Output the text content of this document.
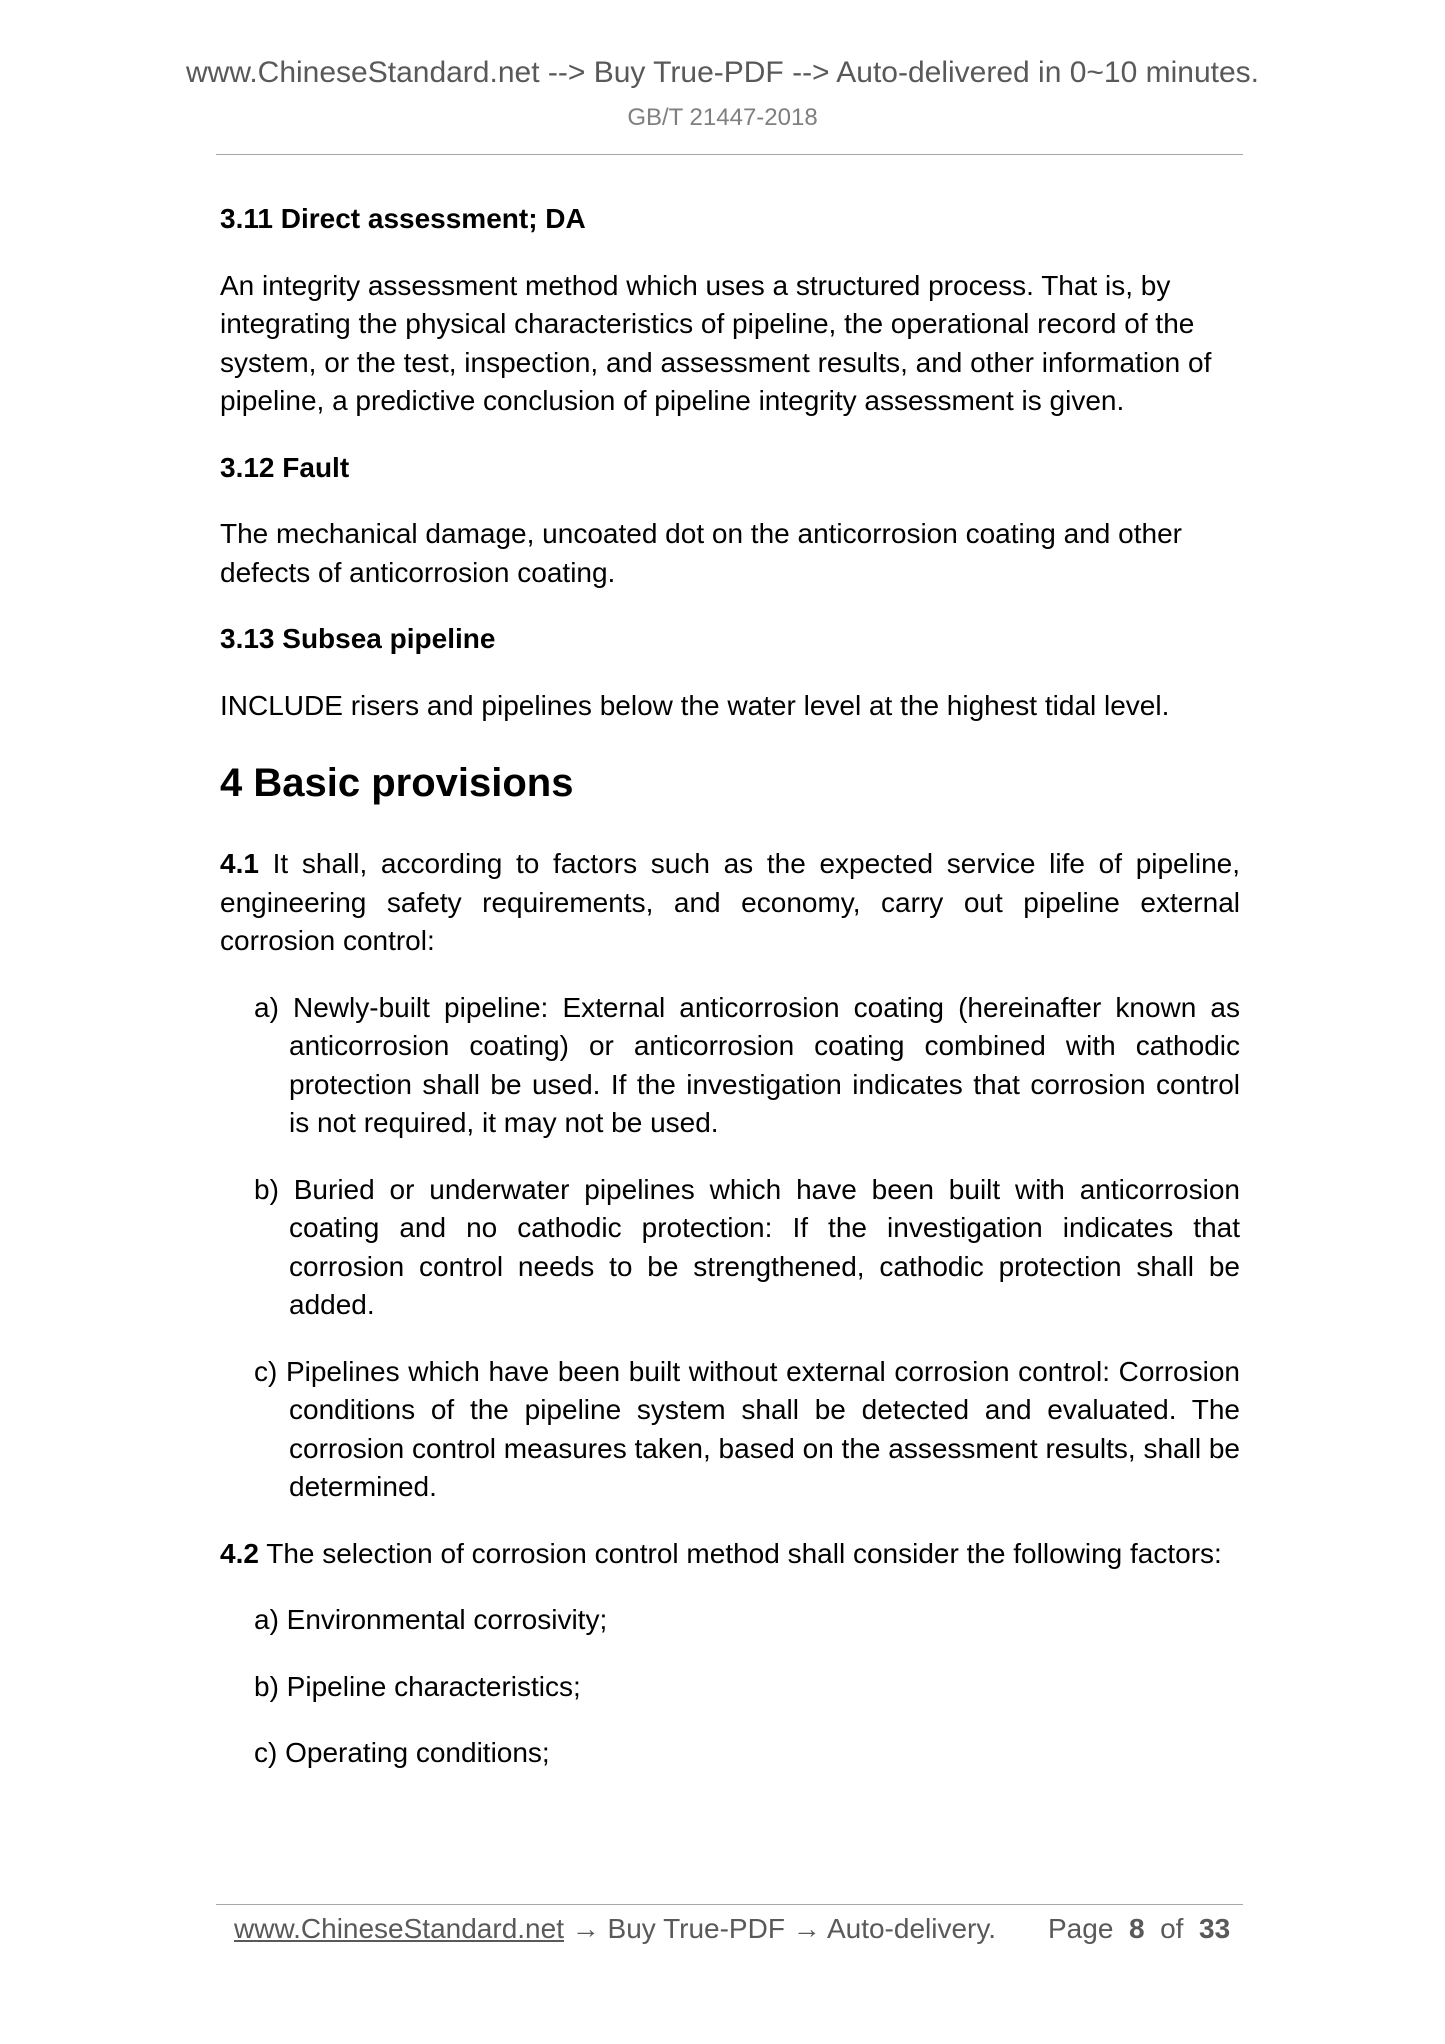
www.ChineseStandard.net --> Buy True-PDF --> Auto-delivered in 0~10 minutes.
GB/T 21447-2018
3.11 Direct assessment; DA
An integrity assessment method which uses a structured process. That is, by integrating the physical characteristics of pipeline, the operational record of the system, or the test, inspection, and assessment results, and other information of pipeline, a predictive conclusion of pipeline integrity assessment is given.
3.12 Fault
The mechanical damage, uncoated dot on the anticorrosion coating and other defects of anticorrosion coating.
3.13 Subsea pipeline
INCLUDE risers and pipelines below the water level at the highest tidal level.
4 Basic provisions
4.1 It shall, according to factors such as the expected service life of pipeline, engineering safety requirements, and economy, carry out pipeline external corrosion control:
a) Newly-built pipeline: External anticorrosion coating (hereinafter known as anticorrosion coating) or anticorrosion coating combined with cathodic protection shall be used. If the investigation indicates that corrosion control is not required, it may not be used.
b) Buried or underwater pipelines which have been built with anticorrosion coating and no cathodic protection: If the investigation indicates that corrosion control needs to be strengthened, cathodic protection shall be added.
c) Pipelines which have been built without external corrosion control: Corrosion conditions of the pipeline system shall be detected and evaluated. The corrosion control measures taken, based on the assessment results, shall be determined.
4.2 The selection of corrosion control method shall consider the following factors:
a) Environmental corrosivity;
b) Pipeline characteristics;
c) Operating conditions;
www.ChineseStandard.net → Buy True-PDF → Auto-delivery. Page 8 of 33
